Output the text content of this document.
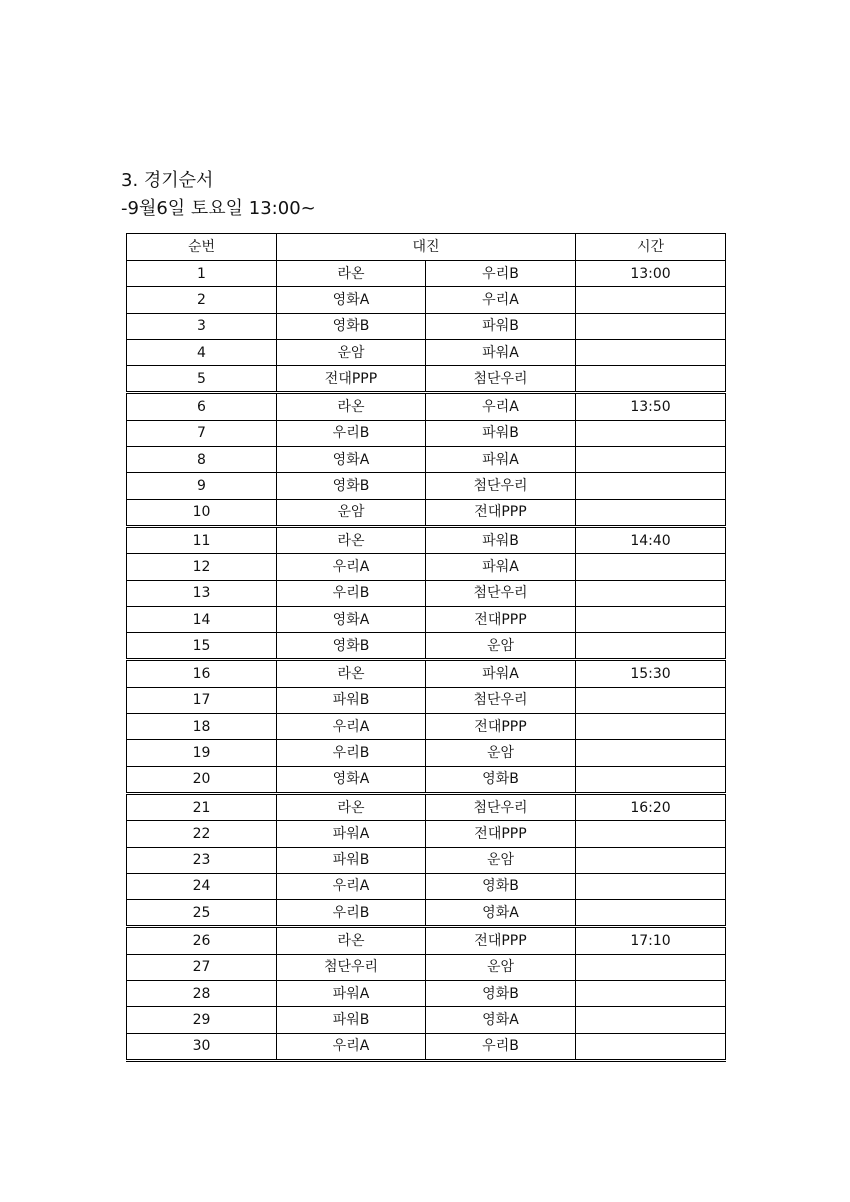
3. 경기순서
-9월6일 토요일 13:00~
순번	대진		시간
1	라온	우리B	13:00
2	영화A	우리A	
3	영화B	파워B	
4	운암	파워A	
5	전대PPP	첨단우리	
6	라온	우리A	13:50
7	우리B	파워B	
8	영화A	파워A	
9	영화B	첨단우리	
10	운암	전대PPP	
11	라온	파워B	14:40
12	우리A	파워A	
13	우리B	첨단우리	
14	영화A	전대PPP	
15	영화B	운암	
16	라온	파워A	15:30
17	파워B	첨단우리	
18	우리A	전대PPP	
19	우리B	운암	
20	영화A	영화B	
21	라온	첨단우리	16:20
22	파워A	전대PPP	
23	파워B	운암	
24	우리A	영화B	
25	우리B	영화A	
26	라온	전대PPP	17:10
27	첨단우리	운암	
28	파워A	영화B	
29	파워B	영화A	
30	우리A	우리B	
